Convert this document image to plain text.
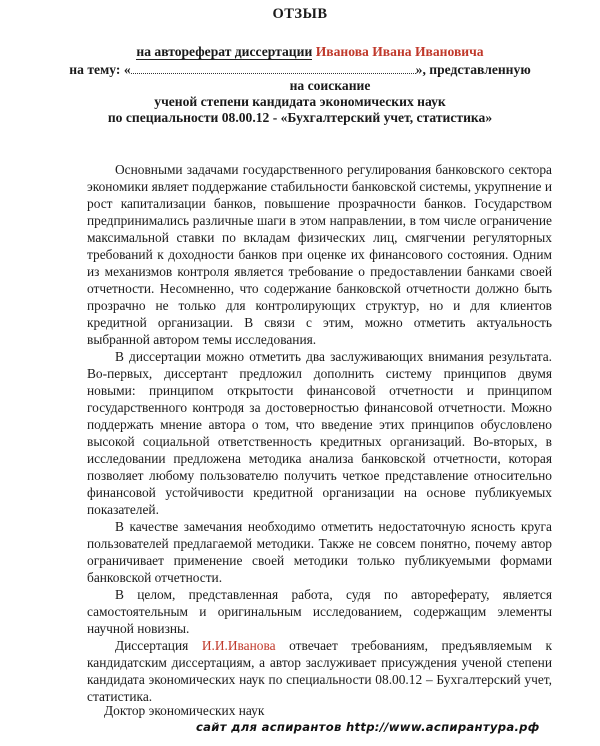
ОТЗЫВ
на автореферат диссертации Иванова Ивана Ивановича
на тему: «	», представленную
на соискание
ученой степени кандидата экономических наук
по специальности 08.00.12 - «Бухгалтерский учет, статистика»

Основными задачами государственного регулирования банковского сектора экономики являет поддержание стабильности банковской системы, укрупнение и рост капитализации банков, повышение прозрачности банков. Государством предпринимались различные шаги в этом направлении, в том числе ограничение максимальной ставки по вкладам физических лиц, смягчении регуляторных требований к доходности банков при оценке их финансового состояния. Одним из механизмов контроля является требование о предоставлении банками своей отчетности. Несомненно, что содержание банковской отчетности должно быть прозрачно не только для контролирующих структур, но и для клиентов кредитной организации. В связи с этим, можно отметить актуальность выбранной автором темы исследования.

В диссертации можно отметить два заслуживающих внимания результата. Во-первых, диссертант предложил дополнить систему принципов двумя новыми: принципом открытости финансовой отчетности и принципом государственного контродя за достоверностью финансовой отчетности. Можно поддержать мнение автора о том, что введение этих принципов обусловлено высокой социальной ответственность кредитных организаций. Во-вторых, в исследовании предложена методика анализа банковской отчетности, которая позволяет любому пользователю получить четкое представление относительно финансовой устойчивости кредитной организации на основе публикуемых показателей.

В качестве замечания необходимо отметить недостаточную ясность круга пользователей предлагаемой методики. Также не совсем понятно, почему автор ограничивает применение своей методики только публикуемыми формами банковской отчетности.

В целом, представленная работа, судя по автореферату, является самостоятельным и оригинальным исследованием, содержащим элементы научной новизны.

Диссертация И.И.Иванова отвечает требованиям, предъявляемым к кандидатским диссертациям, а автор заслуживает присуждения ученой степени кандидата экономических наук по специальности 08.00.12 – Бухгалтерский учет, статистика.

Доктор экономических наук
сайт для аспирантов http://www.аспирантура.рф
